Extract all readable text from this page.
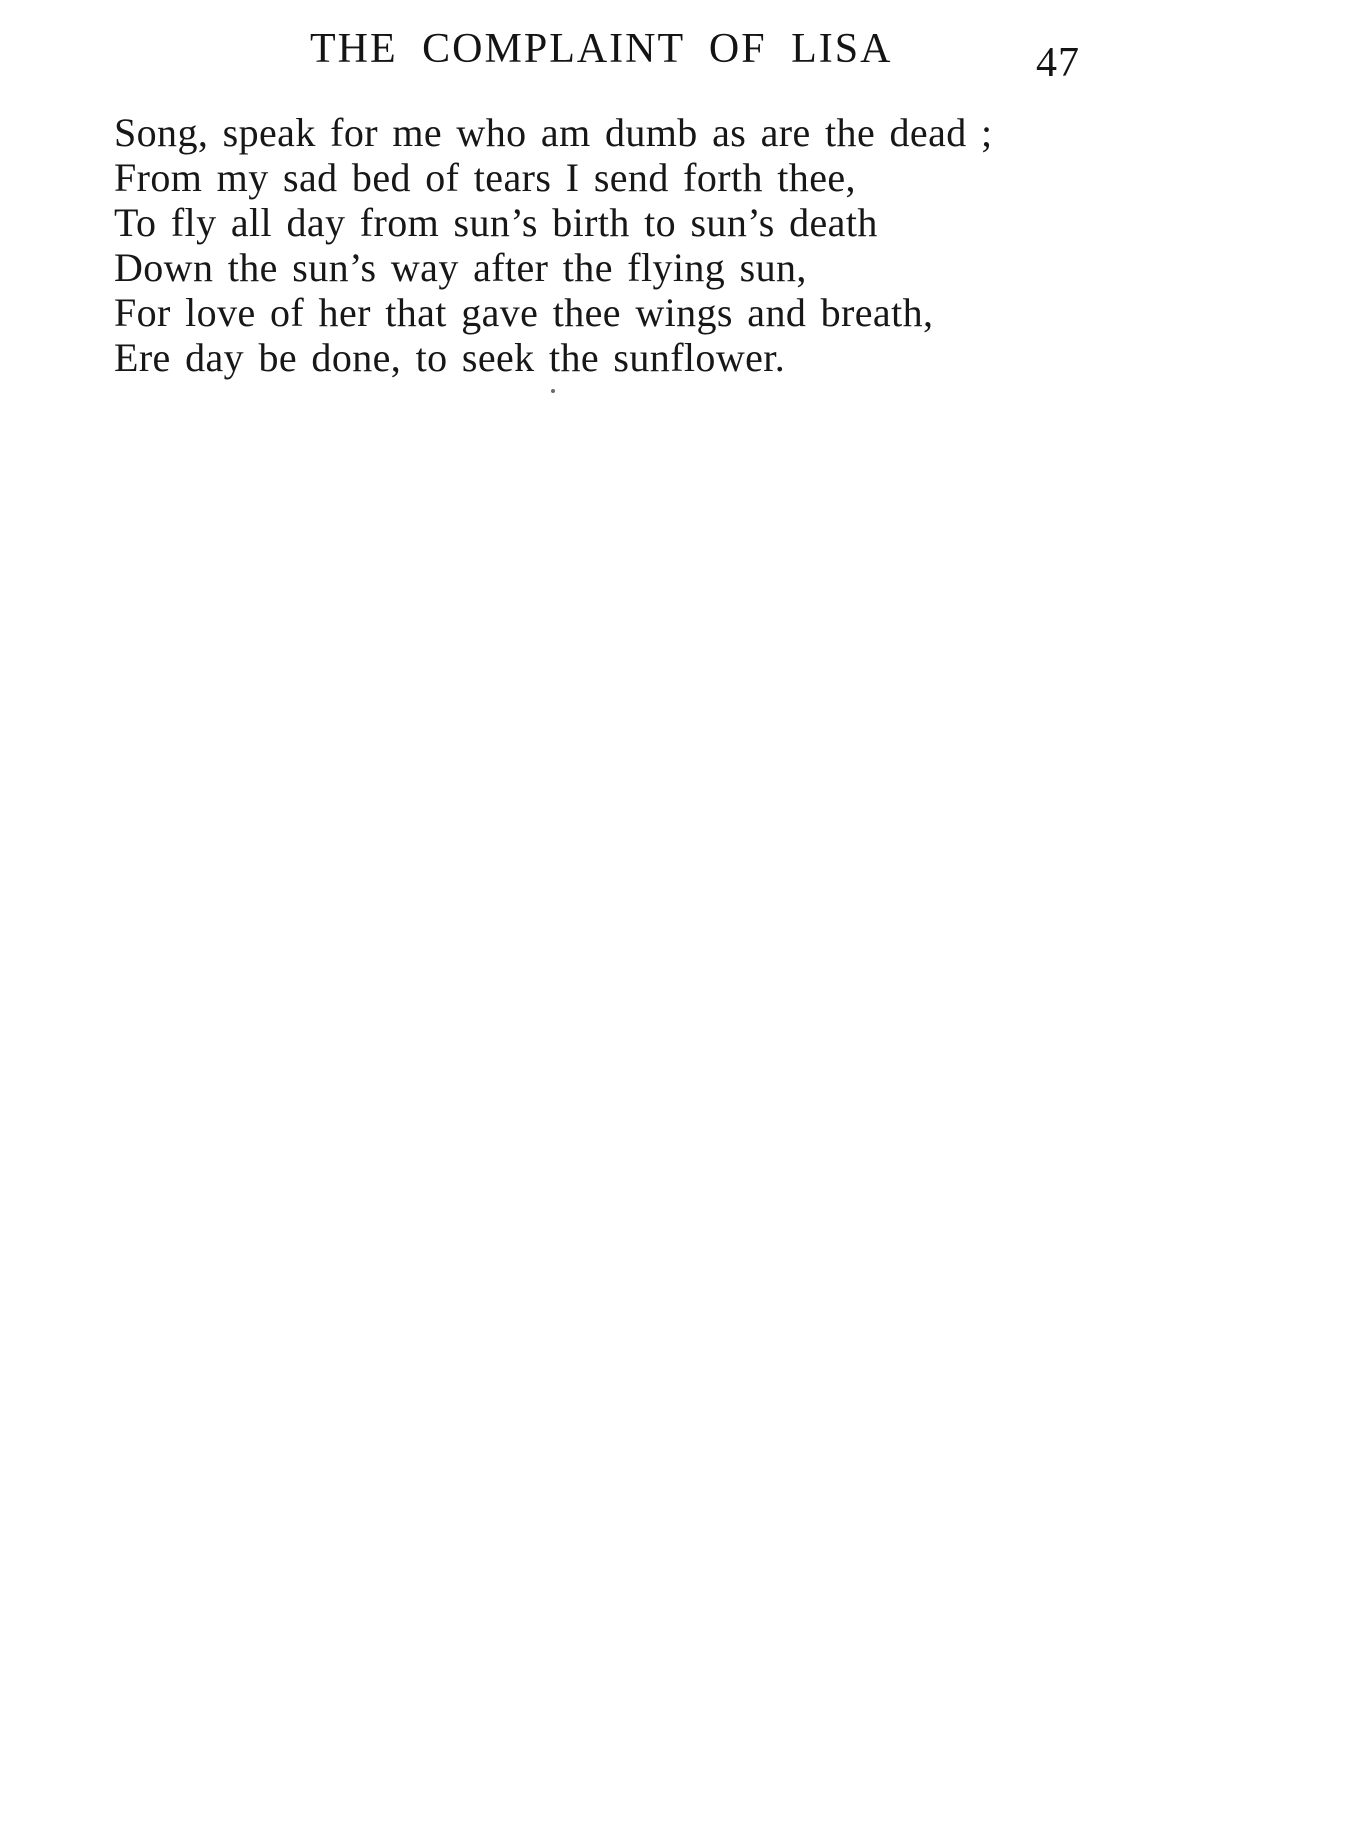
THE COMPLAINT OF LISA	47
Song, speak for me who am dumb as are the dead ;
From my sad bed of tears I send forth thee,
To fly all day from sun’s birth to sun’s death
Down the sun’s way after the flying sun,
For love of her that gave thee wings and breath,
Ere day be done, to seek the sunflower.
